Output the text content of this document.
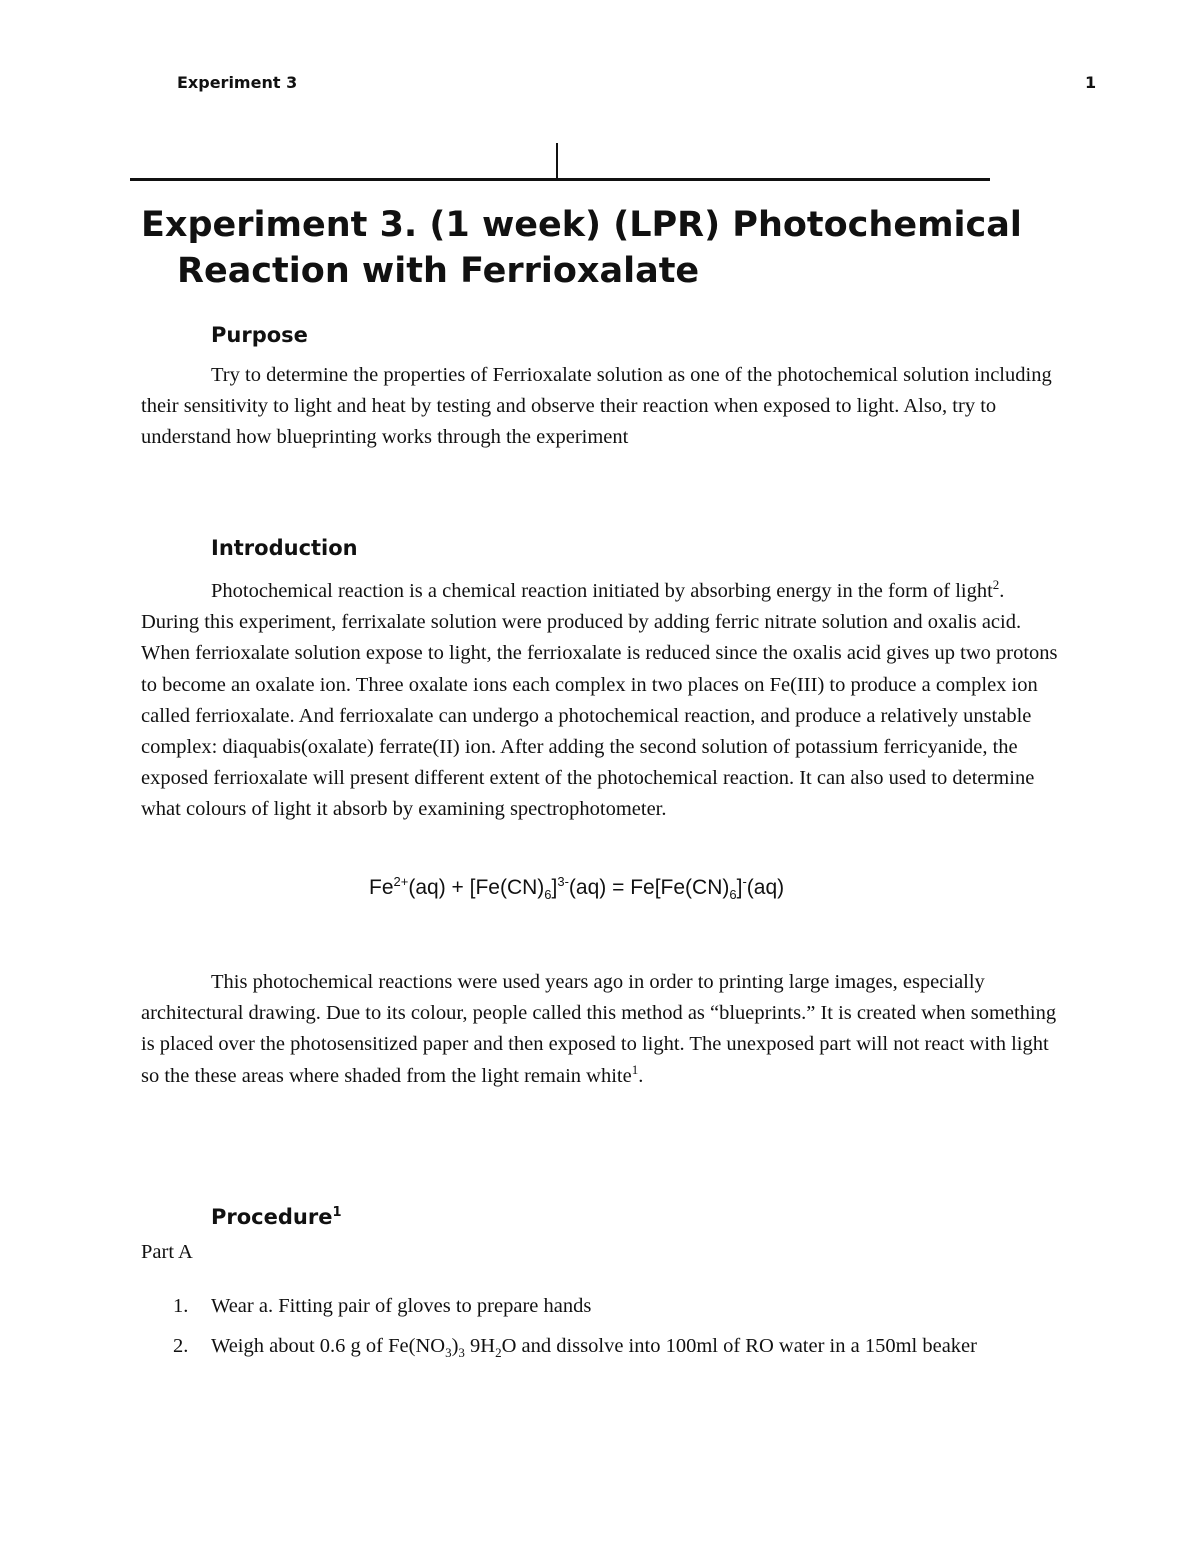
Experiment 3	1
Experiment 3. (1 week) (LPR) Photochemical
Reaction with Ferrioxalate
Purpose
Try to determine the properties of Ferrioxalate solution as one of the photochemical solution including their sensitivity to light and heat by testing and observe their reaction when exposed to light. Also, try to understand how blueprinting works through the experiment
Introduction
Photochemical reaction is a chemical reaction initiated by absorbing energy in the form of light$^2$. During this experiment, ferrixalate solution were produced by adding ferric nitrate solution and oxalis acid. When ferrioxalate solution expose to light, the ferrioxalate is reduced since the oxalis acid gives up two protons to become an oxalate ion. Three oxalate ions each complex in two places on Fe(III) to produce a complex ion called ferrioxalate. And ferrioxalate can undergo a photochemical reaction, and produce a relatively unstable complex: diaquabis(oxalate) ferrate(II) ion. After adding the second solution of potassium ferricyanide, the exposed ferrioxalate will present different extent of the photochemical reaction. It can also used to determine what colours of light it absorb by examining spectrophotometer.
$Fe^{2+}(aq) + [Fe(CN)_6]^{3-}(aq) = Fe[Fe(CN)_6]^-(aq)$
This photochemical reactions were used years ago in order to printing large images, especially architectural drawing. Due to its colour, people called this method as “blueprints.” It is created when something is placed over the photosensitized paper and then exposed to light. The unexposed part will not react with light so the these areas where shaded from the light remain white$^1$.
Procedure$^1$
Part A
1.	Wear a. Fitting pair of gloves to prepare hands
2.	Weigh about 0.6 g of $Fe(NO_3)_3$ $9H_2O$ and dissolve into 100ml of RO water in a 150ml beaker
